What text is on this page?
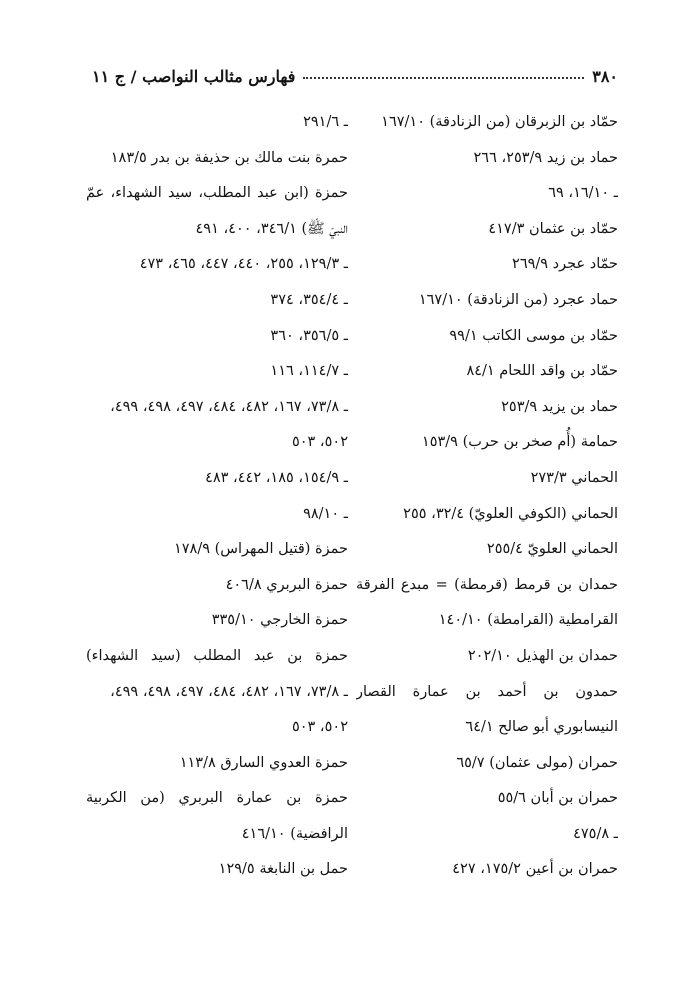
٣٨٠
فهارس مثالب النواصب / ج ١١
حمّاد بن الزبرقان (من الزنادقة) ١٦٧/١٠
حماد بن زيد ٢٥٣/٩، ٢٦٦
ـ ١٦/١٠، ٦٩
حمّاد بن عثمان ٤١٧/٣
حمّاد عجرد ٢٦٩/٩
حماد عجرد (من الزنادقة) ١٦٧/١٠
حمّاد بن موسى الكاتب ٩٩/١
حمّاد بن واقد اللحام ٨٤/١
حماد بن يزيد ٢٥٣/٩
حمامة (أُم صخر بن حرب) ١٥٣/٩
الحماني ٢٧٣/٣
الحماني (الكوفي العلويّ) ٣٢/٤، ٢٥٥
الحماني العلويّ ٢٥٥/٤
حمدان بن قرمط (قرمطة) = مبدع الفرقة
القرامطية (القرامطة) ١٤٠/١٠
حمدان بن الهذيل ٢٠٢/١٠
حمدون بن أحمد بن عمارة القصار
النيسابوري أبو صالح ٦٤/١
حمران (مولى عثمان) ٦٥/٧
حمران بن أبان ٥٥/٦
ـ ٤٧٥/٨
حمران بن أعين ١٧٥/٢، ٤٢٧
ـ ٢٩١/٦
حمرة بنت مالك بن حذيفة بن بدر ١٨٣/٥
حمزة (ابن عبد المطلب، سيد الشهداء، عمّ
النبيّ ﷺ) ٣٤٦/١، ٤٠٠، ٤٩١
ـ ١٢٩/٣، ٢٥٥، ٤٤٠، ٤٤٧، ٤٦٥، ٤٧٣
ـ ٣٥٤/٤، ٣٧٤
ـ ٣٥٦/٥، ٣٦٠
ـ ١١٤/٧، ١١٦
ـ ٧٣/٨، ١٦٧، ٤٨٢، ٤٨٤، ٤٩٧، ٤٩٨، ٤٩٩،
٥٠٢، ٥٠٣
ـ ١٥٤/٩، ١٨٥، ٤٤٢، ٤٨٣
ـ ٩٨/١٠
حمزة (قتيل المهراس) ١٧٨/٩
حمزة البربري ٤٠٦/٨
حمزة الخارجي ٣٣٥/١٠
حمزة بن عبد المطلب (سيد الشهداء)
ـ ٧٣/٨، ١٦٧، ٤٨٢، ٤٨٤، ٤٩٧، ٤٩٨، ٤٩٩،
٥٠٢، ٥٠٣
حمزة العدوي السارق ١١٣/٨
حمزة بن عمارة البربري (من الكربية
الرافضية) ٤١٦/١٠
حمل بن النابغة ١٢٩/٥
